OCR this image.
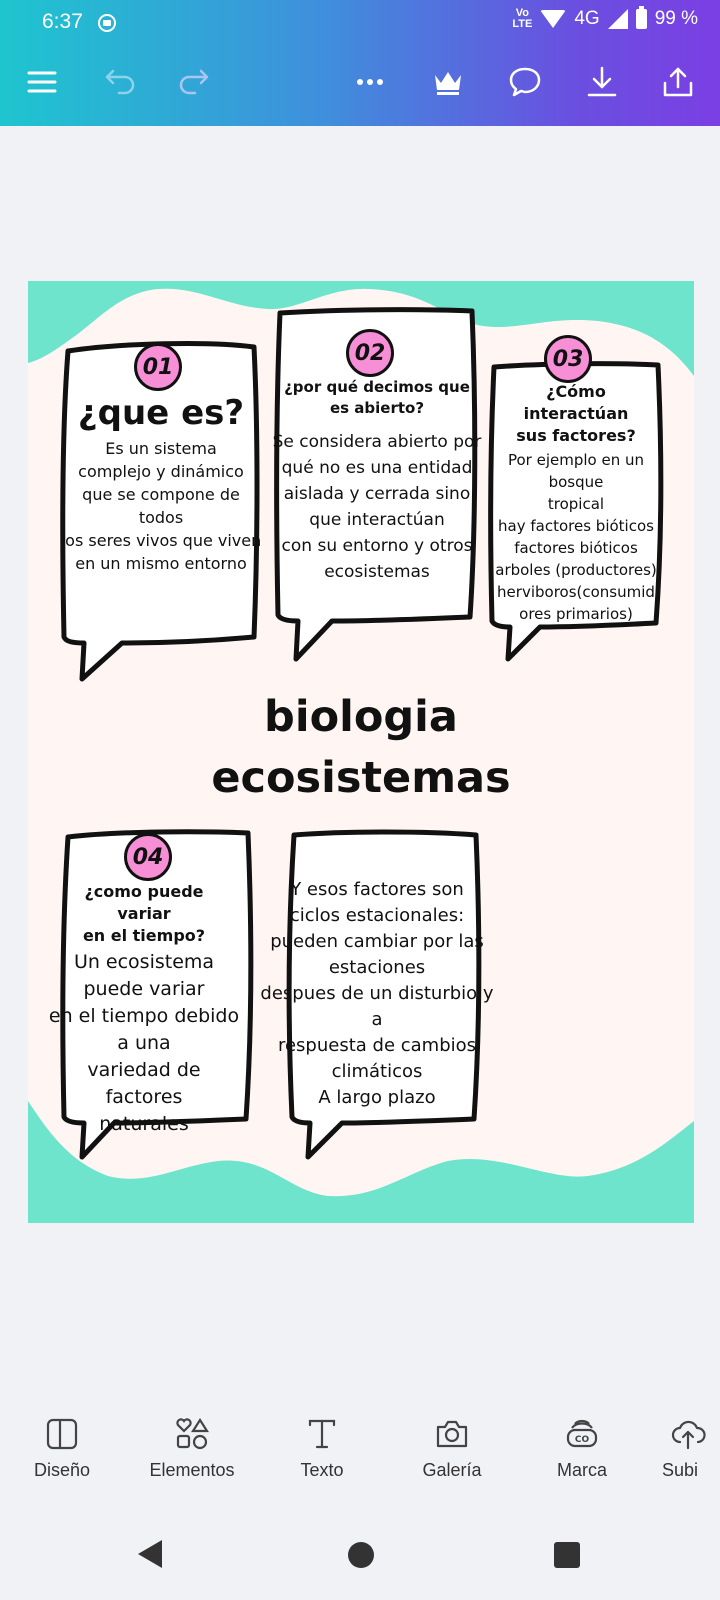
6:37	Vo
LTE 4G	99 %
01
¿que es?
Es un sistema
complejo y dinámico
que se compone de
todos
los seres vivos que viven
en un mismo entorno
02
¿por qué decimos que
es abierto?
Se considera abierto por
qué no es una entidad
aislada y cerrada sino
que interactúan
con su entorno y otros
ecosistemas
03
¿Cómo
interactúan
sus factores?
Por ejemplo en un
bosque
tropical
hay factores bióticos
factores bióticos
arboles (productores)
herviboros(consumid
ores primarios)
biologia
ecosistemas
04
¿como puede
variar
en el tiempo?
Un ecosistema
puede variar
en el tiempo debido
a una
variedad de factores
naturales
Y esos factores son
ciclos estacionales:
pueden cambiar por las
estaciones
despues de un disturbio y a
respuesta de cambios
climáticos
A largo plazo
Diseño	Elementos	Texto	Galería
CO
Marca	Subi
